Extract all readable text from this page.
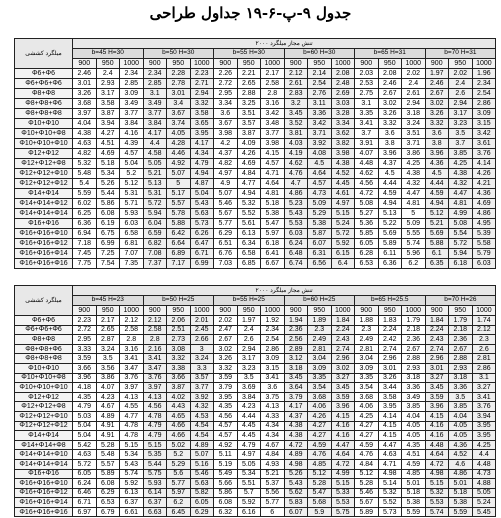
جدول ۹-پ-۶-۱۹ جداول طراحی
میلگرد کششی	تنش مجاز میلگرد ۲۰۰۰																		
	b=45 H=30			b=50 H=30			b=55 H=30			b=60 H=30			b=65 H=31			b=70 H=31			
	900	950	1000	900	950	1000	900	950	1000	900	950	1000	900	950	1000	900	950	1000	
Φ6+Φ6	2.46	2.4	2.34	2.34	2.28	2.23	2.26	2.21	2.17	2.12	2.14	2.08	2.03	2.08	2.02	1.97	2.02	1.96	
Φ6+Φ6+Φ6	3.01	2.93	2.85	2.85	2.78	2.71	2.72	2.65	2.58	2.61	2.54	2.48	2.53	2.46	2.4	2.46	2.4	2.34	
Φ8+Φ8	3.26	3.17	3.09	3.1	3.01	2.94	2.95	2.88	2.8	2.83	2.76	2.69	2.75	2.67	2.61	2.67	2.6	2.54	
Φ8+Φ8+Φ6	3.68	3.58	3.49	3.49	3.4	3.32	3.34	3.25	3.16	3.2	3.11	3.03	3.1	3.02	2.94	3.02	2.94	2.86	
Φ8+Φ8+Φ8	3.97	3.87	3.77	3.77	3.67	3.58	3.6	3.51	3.42	3.45	3.36	3.28	3.35	3.26	3.18	3.26	3.17	3.09	
Φ10+Φ10	4.04	3.94	3.84	3.84	3.74	3.65	3.67	3.57	3.48	3.52	3.42	3.34	3.41	3.32	3.24	3.32	3.23	3.15	
Φ10+Φ10+Φ8	4.38	4.27	4.16	4.17	4.05	3.95	3.98	3.87	3.77	3.81	3.71	3.62	3.7	3.6	3.51	3.6	3.5	3.42	
Φ10+Φ10+Φ10	4.63	4.51	4.39	4.4	4.28	4.17	4.2	4.09	3.98	4.03	3.92	3.82	3.91	3.8	3.71	3.8	3.7	3.61	
Φ12+Φ12	4.82	4.69	4.57	4.58	4.46	4.34	4.37	4.26	4.15	4.19	4.08	3.98	4.07	3.96	3.86	3.96	3.85	3.76	
Φ12+Φ12+Φ8	5.32	5.18	5.04	5.05	4.92	4.79	4.82	4.69	4.57	4.62	4.5	4.38	4.48	4.37	4.25	4.36	4.25	4.14	
Φ12+Φ12+Φ10	5.48	5.34	5.2	5.21	5.07	4.94	4.97	4.84	4.71	4.76	4.64	4.52	4.62	4.5	4.38	4.5	4.38	4.26	
Φ12+Φ12+Φ12	5.4	5.26	5.12	5.13	5	4.87	4.9	4.77	4.64	4.7	4.57	4.45	4.56	4.44	4.32	4.44	4.32	4.21	
Φ14+Φ14	5.59	5.44	5.31	5.31	5.17	5.04	5.07	4.94	4.81	4.86	4.73	4.61	4.72	4.59	4.47	4.59	4.47	4.36	
Φ14+Φ14+Φ12	6.02	5.86	5.71	5.72	5.57	5.43	5.46	5.32	5.18	5.23	5.09	4.97	5.08	4.94	4.81	4.94	4.81	4.69	
Φ14+Φ14+Φ14	6.25	6.08	5.93	5.94	5.78	5.63	5.67	5.52	5.38	5.43	5.29	5.15	5.27	5.13	5	5.12	4.99	4.86	
Φ16+Φ16	6.36	6.19	6.03	6.04	5.88	5.73	5.77	5.61	5.47	5.53	5.38	5.24	5.36	5.22	5.09	5.21	5.08	4.95	
Φ16+Φ16+Φ10	6.94	6.75	6.58	6.59	6.42	6.26	6.29	6.13	5.97	6.03	5.87	5.72	5.85	5.69	5.55	5.69	5.54	5.39	
Φ16+Φ16+Φ12	7.18	6.99	6.81	6.82	6.64	6.47	6.51	6.34	6.18	6.24	6.07	5.92	6.05	5.89	5.74	5.88	5.72	5.58	
Φ16+Φ16+Φ14	7.45	7.25	7.07	7.08	6.89	6.71	6.76	6.58	6.41	6.48	6.31	6.15	6.28	6.11	5.96	6.1	5.94	5.79	
Φ16+Φ16+Φ16	7.75	7.54	7.35	7.37	7.17	6.99	7.03	6.85	6.67	6.74	6.56	6.4	6.53	6.36	6.2	6.35	6.18	6.03	
میلگرد کششی	تنش مجاز میلگرد ۲۰۰۰																	
	b=45 H=23			b=50 H=25			b=55 H=25			b=60 H=25			b=65 H=25.5			b=70 H=26		
	900	950	1000	900	950	1000	900	950	1000	900	950	1000	900	950	1000	900	950	1000
Φ6+Φ6	2.23	2.17	2.12	2.12	2.06	2.01	2.02	1.97	1.92	1.94	1.89	1.84	1.88	1.83	1.79	1.84	1.79	1.74
Φ6+Φ6+Φ6	2.72	2.65	2.58	2.58	2.51	2.45	2.47	2.4	2.34	2.36	2.3	2.24	2.3	2.24	2.18	2.24	2.18	2.12
Φ8+Φ8	2.95	2.87	2.8	2.8	2.73	2.66	2.67	2.6	2.54	2.56	2.49	2.43	2.49	2.42	2.36	2.43	2.36	2.3
Φ8+Φ8+Φ6	3.33	3.24	3.16	2.16	3.08	3	3.02	2.94	2.86	2.89	2.81	2.74	2.81	2.74	2.67	2.74	2.67	2.6
Φ8+Φ8+Φ8	3.59	3.5	3.41	3.41	3.32	3.24	3.26	3.17	3.09	3.12	3.04	2.96	3.04	2.96	2.88	2.96	2.88	2.81
Φ10+Φ10	3.66	3.56	3.47	3.47	3.38	3.3	3.32	3.23	3.15	3.18	3.09	3.02	3.09	3.01	2.93	3.01	2.93	2.86
Φ10+Φ10+Φ8	3.96	3.86	3.76	3.76	3.66	3.57	3.59	3.5	3.41	3.45	3.35	3.27	3.35	3.26	3.18	3.27	3.18	3.1
Φ10+Φ10+Φ10	4.18	4.07	3.97	3.97	3.87	3.77	3.79	3.69	3.6	3.64	3.54	3.45	3.54	3.44	3.36	3.45	3.36	3.27
Φ12+Φ12	4.35	4.23	4.13	4.13	4.02	3.92	3.95	3.84	3.75	3.79	3.68	3.59	3.68	3.58	3.49	3.59	3.5	3.41
Φ12+Φ12+Φ8	4.79	4.67	4.55	4.56	4.43	4.32	4.35	4.23	4.13	4.17	4.06	3.96	4.06	3.95	3.85	3.96	3.85	3.76
Φ12+Φ12+Φ10	5.03	4.89	4.77	4.78	4.65	4.53	4.56	4.44	4.33	4.37	4.26	4.15	4.25	4.14	4.04	4.15	4.04	3.94
Φ12+Φ12+Φ12	5.04	4.91	4.78	4.79	4.66	4.54	4.57	4.45	4.34	4.38	4.27	4.16	4.27	4.15	4.05	4.16	4.05	3.95
Φ14+Φ14	5.04	4.91	4.78	4.79	4.66	4.54	4.57	4.45	4.34	4.38	4.27	4.16	4.27	4.15	4.05	4.16	4.05	3.95
Φ14+Φ14+Φ8	5.42	5.28	5.15	5.15	5.02	4.89	4.92	4.79	4.67	4.72	4.59	4.47	4.59	4.47	4.35	4.48	4.36	4.25
Φ14+Φ14+Φ10	4.63	5.48	5.34	5.35	5.2	5.07	5.11	4.97	4.84	4.89	4.76	4.64	4.76	4.63	4.51	4.64	4.52	4.4
Φ14+Φ14+Φ14	5.72	5.57	5.43	5.44	5.29	5.16	5.19	5.05	4.93	4.98	4.85	4.72	4.84	4.71	4.59	4.72	4.6	4.48
Φ16+Φ16	6.05	5.89	5.74	5.75	5.6	5.46	5.49	5.34	5.21	5.26	5.12	4.99	5.12	4.98	4.85	4.98	4.86	4.73
Φ16+Φ16+Φ10	6.24	6.08	5.92	5.93	5.77	5.63	5.66	5.51	5.37	5.43	5.28	5.15	5.28	5.14	5.01	5.15	5.01	4.88
Φ16+Φ16+Φ12	6.46	6.29	6.13	6.14	5.97	5.82	5.86	5.7	5.56	5.62	5.47	5.33	5.46	5.32	5.18	5.32	5.18	5.05
Φ16+Φ16+Φ14	6.71	6.53	6.37	6.37	6.2	6.05	6.08	5.92	5.77	5.83	5.68	5.53	5.67	5.52	5.38	5.53	5.38	5.24
Φ16+Φ16+Φ16	6.97	6.79	6.61	6.63	6.45	6.29	6.32	6.16	6	6.07	5.9	5.75	5.89	5.73	5.59	5.74	5.59	5.45
